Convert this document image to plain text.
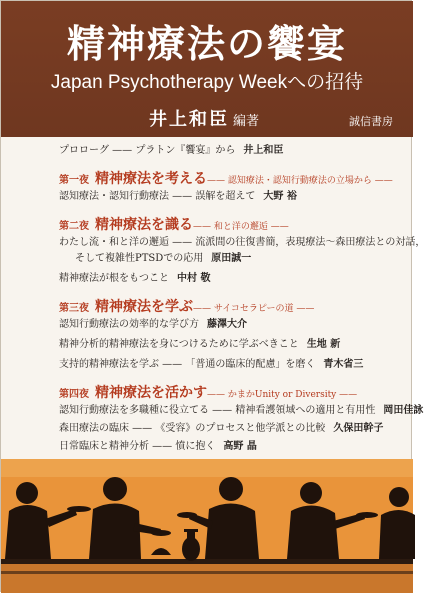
精神療法の饗宴
Japan Psychotherapy Weekへの招待
井上和臣 編著	誠信書房
プロローグ —— プラトン『饗宴』から 井上和臣
第一夜 精神療法を考える—— 認知療法・認知行動療法の立場から ——
認知療法・認知行動療法 —— 誤解を超えて 大野 裕
第二夜 精神療法を識る—— 和と洋の邂逅 ——
わたし流・和と洋の邂逅 —— 流派間の往復書簡，表現療法～森田療法との対話，
そして複雑性PTSDでの応用 原田誠一
精神療法が根をもつこと 中村 敬
第三夜 精神療法を学ぶ—— サイコセラピーの道 ——
認知行動療法の効率的な学び方 藤澤大介
精神分析的精神療法を身につけるために学ぶべきこと 生地 新
支持的精神療法を学ぶ —— 「普通の臨床的配慮」を磨く 青木省三
第四夜 精神療法を活かす—— かまかUnity or Diversity ——
認知行動療法を多職種に役立てる —— 精神看護領域への適用と有用性 岡田佳詠
森田療法の臨床 —— 《受容》のプロセスと他学派との比較 久保田幹子
日常臨床と精神分析 —— 憤に抱く 高野 晶
